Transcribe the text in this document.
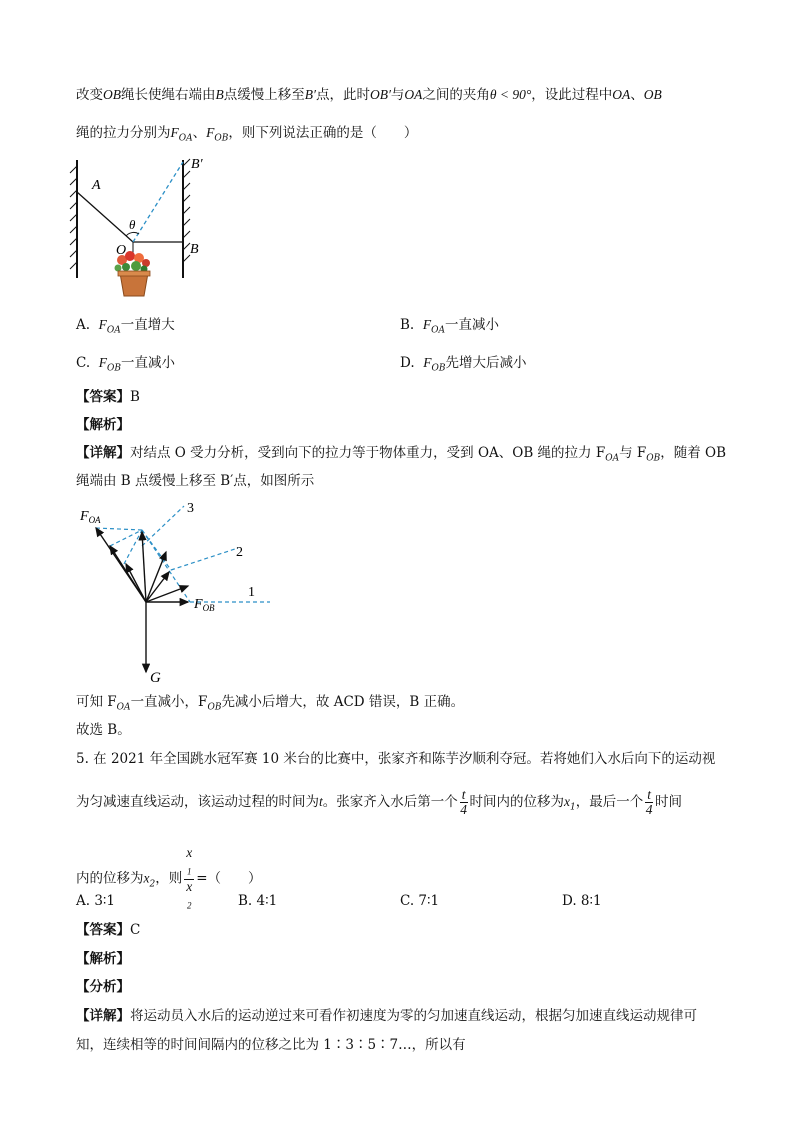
改变OB绳长使绳右端由B点缓慢上移至B′点，此时OB′与OA之间的夹角θ < 90°，设此过程中OA、OB
绳的拉力分别为$F_{OA}$、$F_{OB}$，则下列说法正确的是（　　）
A
B′
θ
O	B
A. $F_{OA}$一直增大	B. $F_{OA}$一直减小
C. $F_{OB}$一直减小	D. $F_{OB}$先增大后减小
【答案】B
【解析】
【详解】对结点 O 受力分析，受到向下的拉力等于物体重力，受到 OA、OB 绳的拉力 $F_{OA}$与 $F_{OB}$，随着 OB
绳端由 B 点缓慢上移至 B′点，如图所示
$F_{OA}$
$F_{OB}$
G
1
2
3
可知 $F_{OA}$一直减小，$F_{OB}$先减小后增大，故 ACD 错误，B 正确。
故选 B。
5. 在 2021 年全国跳水冠军赛 10 米台的比赛中，张家齐和陈芋汐顺利夺冠。若将她们入水后向下的运动视
为匀减速直线运动，该运动过程的时间为t。张家齐入水后第一个 $\frac{t}{4}$ 时间内的位移为$x_1$，最后一个 $\frac{t}{4}$ 时间
内的位移为$x_2$，则 x
$_1$
x
$_2$ =（　　）
A. 3∶1	B. 4∶1	C. 7∶1	D. 8∶1
【答案】C
【解析】
【分析】
【详解】将运动员入水后的运动逆过来可看作初速度为零的匀加速直线运动，根据匀加速直线运动规律可
知，连续相等的时间间隔内的位移之比为 1∶3∶5∶7…，所以有
